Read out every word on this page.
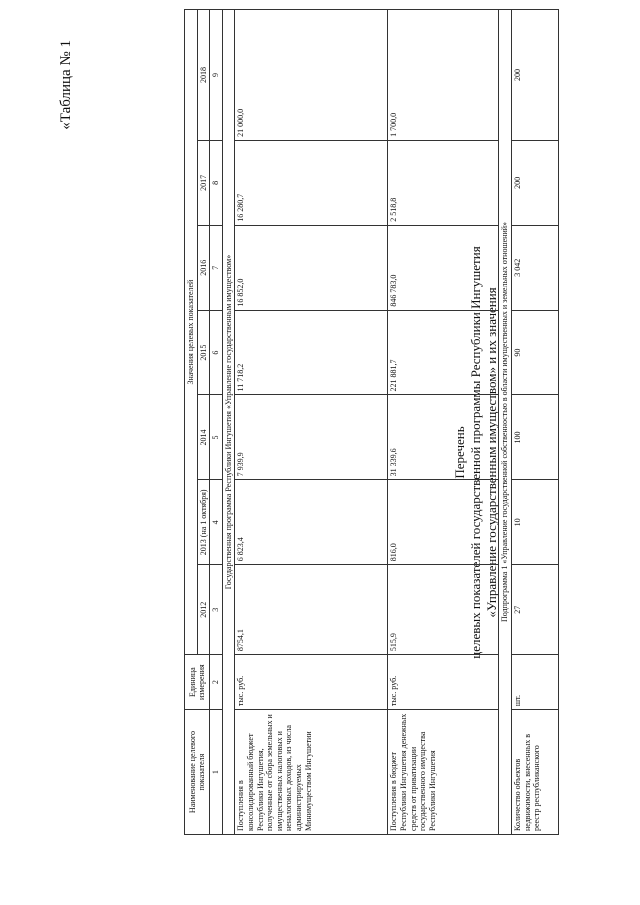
«Таблица № 1
Перечень целевых показателей государственной программы Республики Ингушетия «Управление государственным имуществом» и их значения
Наименование целевого показателя	Единица измерения	Значения целевых показателей						
		2012	2013 (на 1 октября)	2014	2015	2016	2017	2018
1	2	3	4	5	6	7	8	9
Государственная программа Республики Ингушетия «Управление государственным имуществом»								
Поступления в консолидированный бюджет Республики Ингушетия, полученные от сбора земельных и имущественных налоговых и неналоговых доходов, из числа администрируемых Минимуществом Ингушетии	тыс. руб.	8754,1	6 823,4	7 939,9	11 718,2	16 852,0	16 280,7	21 000,0
Поступления в бюджет Республики Ингушетия денежных средств от приватизации государственного имущества Республики Ингушетия	тыс. руб.	515,9	816,0	31 339,6	221 881,7	846 783,0	2 518,8	1 700,0
Подпрограмма 1 «Управление государственной собственностью в области имущественных и земельных отношений»								
Количество объектов недвижимости, внесенных в реестр республиканского	шт.	27	10	100	90	3 042	200	200
